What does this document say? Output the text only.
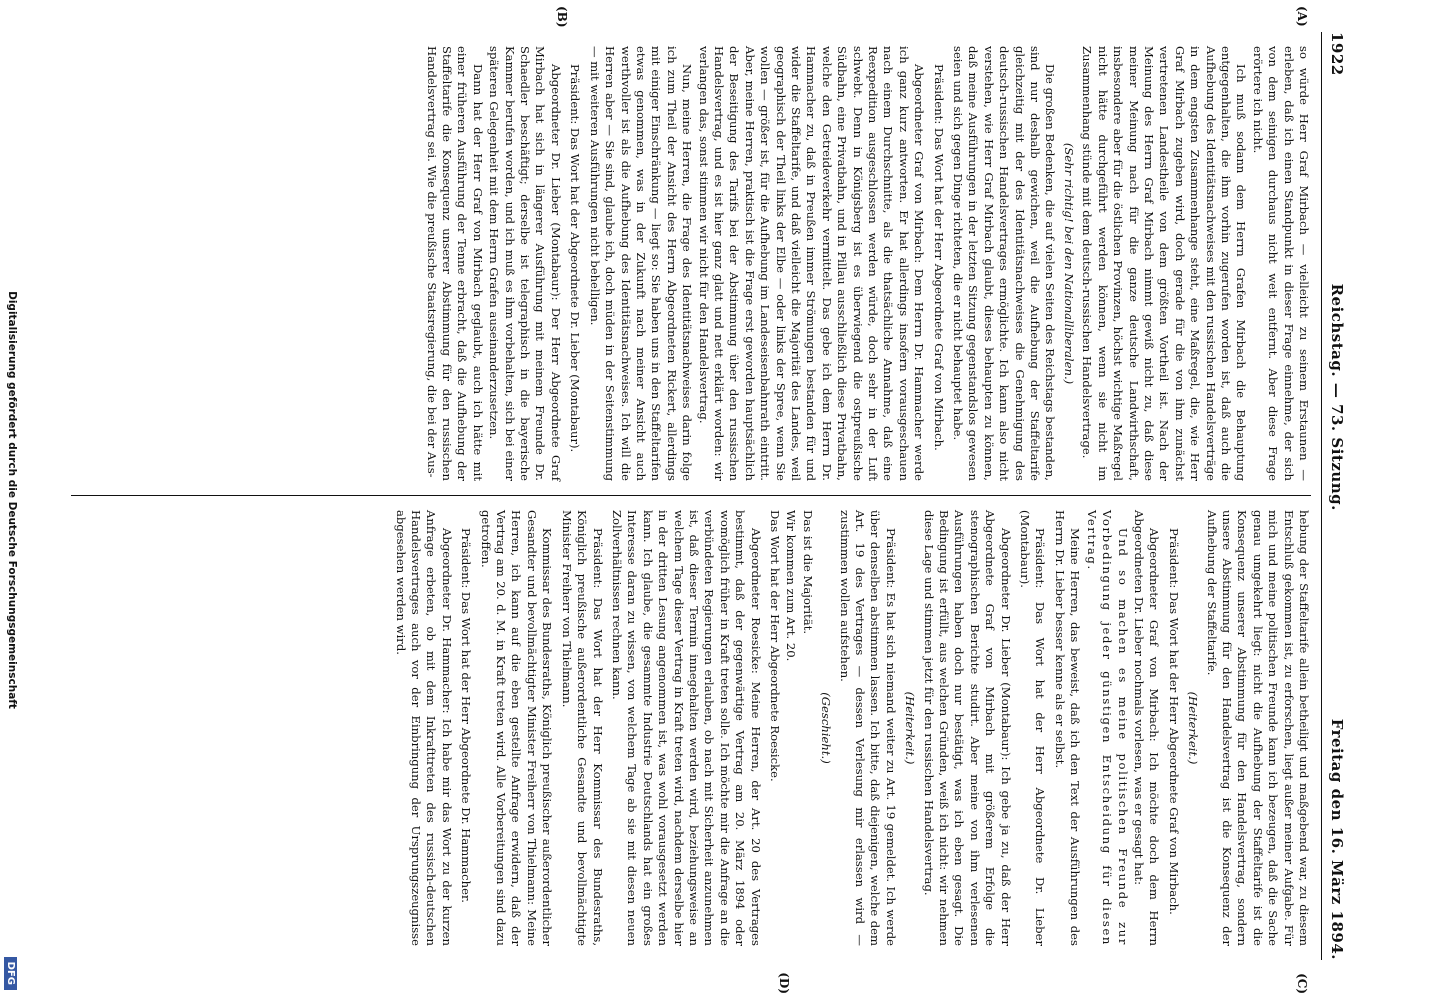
1922
Reichstag. — 73. Sitzung.
Freitag den 16. März 1894.
(A)
(B)

so würde Herr Graf Mirbach — vielleicht zu seinem Erstaunen — erleben, daß ich einen Standpunkt in dieser Frage einnehme, der sich von dem seinigen durchaus nicht weit entfernt. Aber diese Frage erörtere ich nicht.

Ich muß sodann dem Herrn Grafen Mirbach die Behauptung entgegenhalten, die ihm vorhin zugerufen worden ist, daß auch die Aufhebung des Identitätsnachweises mit den russischen Handelsverträge in dem engsten Zusammenhange steht, eine Maßregel, die, wie Herr Graf Mirbach zugeben wird, doch gerade für die von ihm zunächst vertretenen Landestheile von dem größten Vortheil ist. Nach der Meinung des Herrn Graf Mirbach nimmt gewiß nicht zu, daß diese meiner Meinung nach für die ganze deutsche Landwirthschaft, insbesondere aber für die östlichen Provinzen, höchst wichtige Maßregel nicht hätte durchgeführt werden können, wenn sie nicht im Zusammenhang stünde mit dem deutsch-russischen Handelsvertrage.

(Sehr richtig! bei den Nationalliberalen.)

Die großen Bedenken, die auf vielen Seiten des Reichstags bestanden, sind nur deshalb gewichen, weil die Aufhebung der Staffeltarife gleichzeitig mit der des Identitätsnachweises die Genehmigung des deutsch-russischen Handelsvertrages ermöglichte. Ich kann also nicht verstehen, wie Herr Graf Mirbach glaubt, dieses behaupten zu können, daß meine Ausführungen in der letzten Sitzung gegenstandslos gewesen seien und sich gegen Dinge richteten, die er nicht behauptet habe.

Präsident: Das Wort hat der Herr Abgeordnete Graf von Mirbach.

Abgeordneter Graf von Mirbach: Dem Herrn Dr. Hammacher werde ich ganz kurz antworten. Er hat allerdings insofern vorausgeschauen nach einem Durchschnitte, als die thatsächliche Annahme, daß eine Reexpedition ausgeschlossen werden würde, doch sehr in der Luft schwebt. Denn in Königsberg ist es überwiegend die ostpreußische Südbahn, eine Privatbahn, und in Pillau ausschließlich diese Privatbahn, welche den Getreideverkehr vermittelt. Das gebe ich dem Herrn Dr. Hammacher zu, daß in Preußen immer Strömungen bestanden für und wider die Staffeltarife, und daß vielleicht die Majorität des Landes, weil geographisch der Theil links der Elbe — oder links der Spree, wenn Sie wollen — größer ist, für die Aufhebung im Landeseisenbahnrath eintritt. Aber, meine Herren, praktisch ist die Frage erst geworden hauptsächlich der Beseitigung des Tarifs bei der Abstimmung über den russischen Handelsvertrag, und es ist hier ganz glatt und nett erklärt worden: wir verlangen das, sonst stimmen wir nicht für den Handelsvertrag.

Nun, meine Herren, die Frage des Identitätsnachweises darin folge ich zum Theil der Ansicht des Herrn Abgeordneten Rickert, allerdings mit einiger Einschränkung — liegt so: Sie haben uns in den Staffeltarifen etwas genommen, was in der Zukunft nach meiner Ansicht auch werthvoller ist als die Aufhebung des Identitätsnachweises. Ich will die Herren aber — Sie sind, glaube ich, doch müden in der Seitenstimmung — mit weiteren Ausführungen nicht behelligen.

Präsident: Das Wort hat der Abgeordnete Dr. Lieber (Montabaur).

Abgeordneter Dr. Lieber (Montabaur): Der Herr Abgeordnete Graf Mirbach hat sich in längerer Ausführung mit meinem Freunde Dr. Schaedler beschäftigt; derselbe ist telegraphisch in die bayerische Kammer berufen worden, und ich muß es ihm vorbehalten, sich bei einer späteren Gelegenheit mit dem Herrn Grafen auseinanderzusetzen.

Dann hat der Herr Graf von Mirbach geglaubt, auch ich hätte mit einer früheren Ausführung der Tenne erbracht, daß die Aufhebung der Staffeltarife die Konsequenz unserer Abstimmung für den russischen Handelsvertrag sei. Wie die preußische Staatsregierung, die bei der Aus-

(C)
(D)

hebung der Staffeltarife allein betheiligt und maßgebend war, zu diesem Entschluß gekommen ist, zu erforschen, liegt außer meiner Aufgabe. Für mich und meine politischen Freunde kann ich bezeugen, daß die Sache genau umgekehrt liegt: nicht die Aufhebung der Staffeltarife ist die Konsequenz unserer Abstimmung für den Handelsvertrag, sondern unsere Abstimmung für den Handelsvertrag ist die Konsequenz der Aufhebung der Staffeltarife.

(Heiterkeit.)

Präsident: Das Wort hat der Herr Abgeordnete Graf von Mirbach.

Abgeordneter Graf von Mirbach: Ich möchte doch dem Herrn Abgeordneten Dr. Lieber nochmals vorlesen, was er gesagt hat:

Und so machen es meine politischen Freunde zur Vorbedingung jeder günstigen Entscheidung für diesen Vertrag.

Meine Herren, das beweist, daß ich den Text der Ausführungen des Herrn Dr. Lieber besser kenne als er selbst.

Präsident: Das Wort hat der Herr Abgeordnete Dr. Lieber (Montabaur).

Abgeordneter Dr. Lieber (Montabaur): Ich gebe ja zu, daß der Herr Abgeordnete Graf von Mirbach mit größerem Erfolge die stenographischen Berichte studirt. Aber meine von ihm verlesenen Ausführungen haben doch nur bestätigt, was ich eben gesagt. Die Bedingung ist erfüllt, aus welchen Gründen, weiß ich nicht: wir nehmen diese Lage und stimmen jetzt für den russischen Handelsvertrag.

(Heiterkeit.)

Präsident: Es hat sich niemand weiter zu Art. 19 gemeldet. Ich werde über denselben abstimmen lassen. Ich bitte, daß diejenigen, welche dem Art. 19 des Vertrages — dessen Verlesung mir erlassen wird — zustimmen wollen aufstehen.

(Geschieht.)

Das ist die Majorität.

Wir kommen zum Art. 20.

Das Wort hat der Herr Abgeordnete Roesicke.

Abgeordneter Roesicke: Meine Herren, der Art. 20 des Vertrages bestimmt, daß der gegenwärtige Vertrag am 20. März 1894 oder womöglich früher in Kraft treten solle. Ich möchte mir die Anfrage an die verbündeten Regierungen erlauben, ob nach mit Sicherheit anzunehmen ist, daß dieser Termin innegehalten werden wird, beziehungsweise an welchem Tage dieser Vertrag in Kraft treten wird, nachdem derselbe hier in der dritten Lesung angenommen ist, was wohl vorausgesetzt werden kann. Ich glaube, die gesammte Industrie Deutschlands hat ein großes Interesse daran zu wissen, von welchem Tage ab sie mit diesen neuen Zollverhältnissen rechnen kann.

Präsident: Das Wort hat der Herr Kommissar des Bundesraths, Königlich preußische außerordentliche Gesandte und bevollmächtigte Minister Freiherr von Thielmann.

Kommissar des Bundesraths, Königlich preußischer außerordentlicher Gesandter und bevollmächtigter Minister Freiherr von Thielmann: Meine Herren, ich kann auf die eben gestellte Anfrage erwidern, daß der Vertrag am 20. d. M. in Kraft treten wird. Alle Vorbereitungen sind dazu getroffen.

Präsident: Das Wort hat der Herr Abgeordnete Dr. Hammacher.

Abgeordneter Dr. Hammacher: Ich habe mir das Wort zu der kurzen Anfrage erbeten, ob mit dem Inkrafttreten des russisch-deutschen Handelsvertrages auch vor der Einbringung der Ursprungszeugnisse abgesehen werden wird.

Digitalisierung gefördert durch die Deutsche Forschungsgemeinschaft
DFG
